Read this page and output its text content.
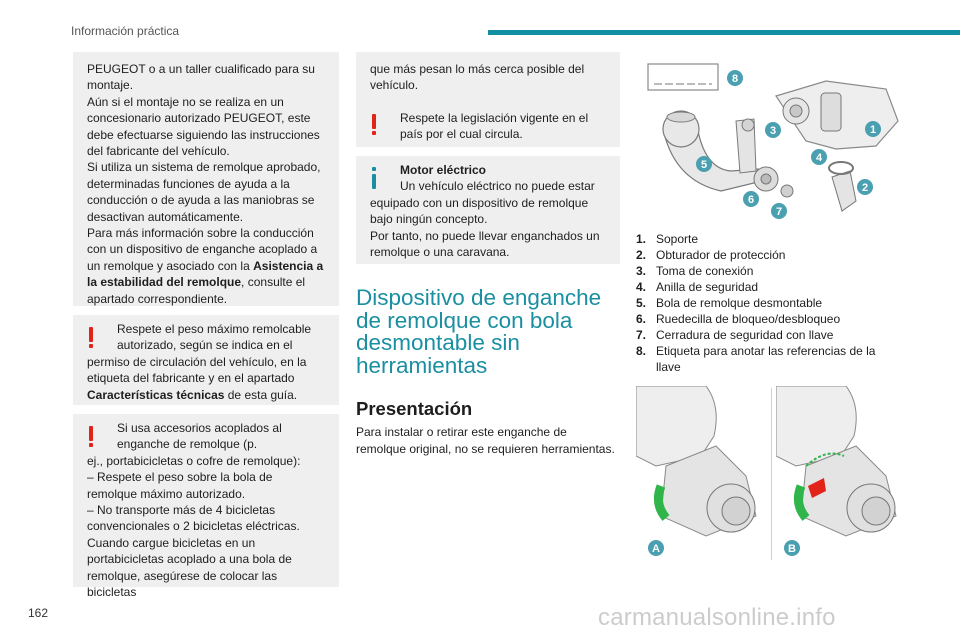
Información práctica

PEUGEOT o a un taller cualificado para su montaje.

Aún si el montaje no se realiza en un concesionario autorizado PEUGEOT, este debe efectuarse siguiendo las instrucciones del fabricante del vehículo.

Si utiliza un sistema de remolque aprobado, determinadas funciones de ayuda a la conducción o de ayuda a las maniobras se desactivan automáticamente.

Para más información sobre la conducción con un dispositivo de enganche acoplado a un remolque y asociado con la Asistencia a la estabilidad del remolque, consulte el apartado correspondiente.

Respete el peso máximo remolcable autorizado, según se indica en el

permiso de circulación del vehículo, en la etiqueta del fabricante y en el apartado Características técnicas de esta guía.

Si usa accesorios acoplados al enganche de remolque (p.

ej., portabicicletas o cofre de remolque):

– Respete el peso sobre la bola de remolque máximo autorizado.

– No transporte más de 4 bicicletas convencionales o 2 bicicletas eléctricas.

Cuando cargue bicicletas en un portabicicletas acoplado a una bola de remolque, asegúrese de colocar las bicicletas

que más pesan lo más cerca posible del vehículo.

Respete la legislación vigente en el país por el cual circula.
Motor eléctrico
Un vehículo eléctrico no puede estar

equipado con un dispositivo de remolque bajo ningún concepto.

Por tanto, no puede llevar enganchados un remolque o una caravana.

Dispositivo de enganche de remolque con bola desmontable sin herramientas
Presentación

Para instalar o retirar este enganche de remolque original, no se requieren herramientas.

8
3	1
4
5
2
6
7
1. Soporte
2. Obturador de protección
3. Toma de conexión
4. Anilla de seguridad
5. Bola de remolque desmontable
6. Ruedecilla de bloqueo/desbloqueo
7. Cerradura de seguridad con llave
8. Etiqueta para anotar las referencias de la llave
A	B
162	carmanualsonline.info
